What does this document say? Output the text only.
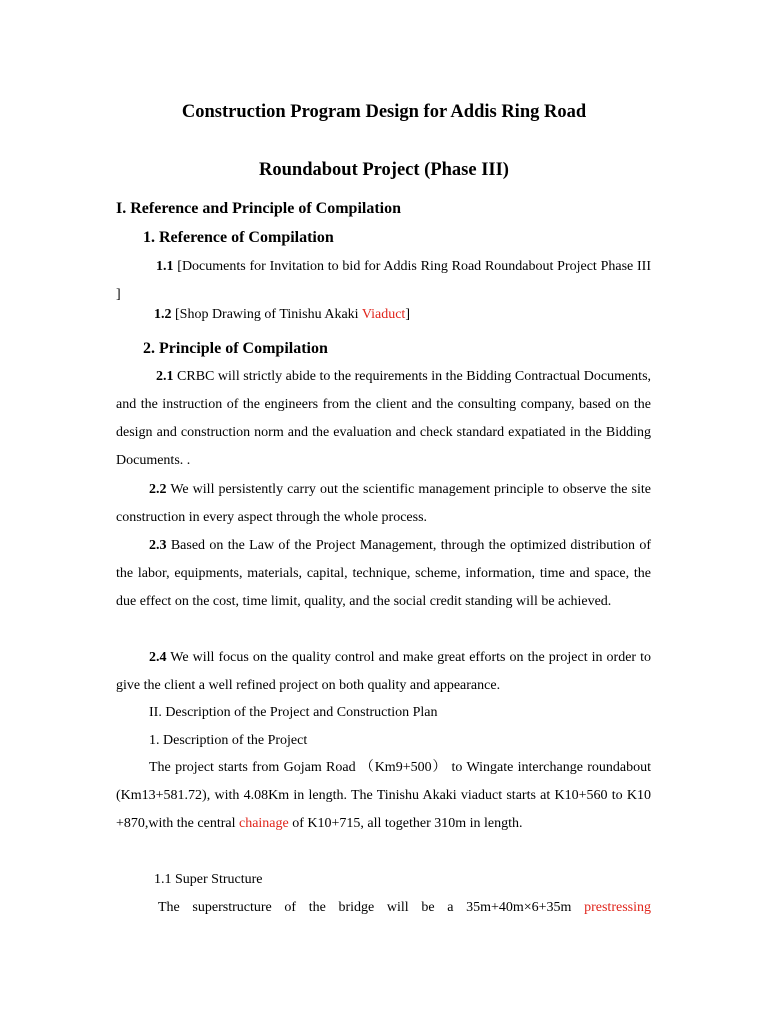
Construction Program Design for Addis Ring Road
Roundabout Project (Phase III)
I. Reference and Principle of Compilation
1. Reference of Compilation
1.1 [Documents for Invitation to bid for Addis Ring Road Roundabout Project Phase III ]
1.2 [Shop Drawing of Tinishu Akaki Viaduct]
2. Principle of Compilation
2.1 CRBC will strictly abide to the requirements in the Bidding Contractual Documents, and the instruction of the engineers from the client and the consulting company, based on the design and construction norm and the evaluation and check standard expatiated in the Bidding Documents. .
2.2 We will persistently carry out the scientific management principle to observe the site construction in every aspect through the whole process.
2.3 Based on the Law of the Project Management, through the optimized distribution of the labor, equipments, materials, capital, technique, scheme, information, time and space, the due effect on the cost, time limit, quality, and the social credit standing will be achieved.
2.4 We will focus on the quality control and make great efforts on the project in order to give the client a well refined project on both quality and appearance.
II. Description of the Project and Construction Plan
1. Description of the Project
The project starts from Gojam Road （Km9+500） to Wingate interchange roundabout (Km13+581.72), with 4.08Km in length. The Tinishu Akaki viaduct starts at K10+560 to K10 +870,with the central chainage of K10+715, all together 310m in length.
1.1 Super Structure
The superstructure of the bridge will be a 35m+40m×6+35m prestressing
